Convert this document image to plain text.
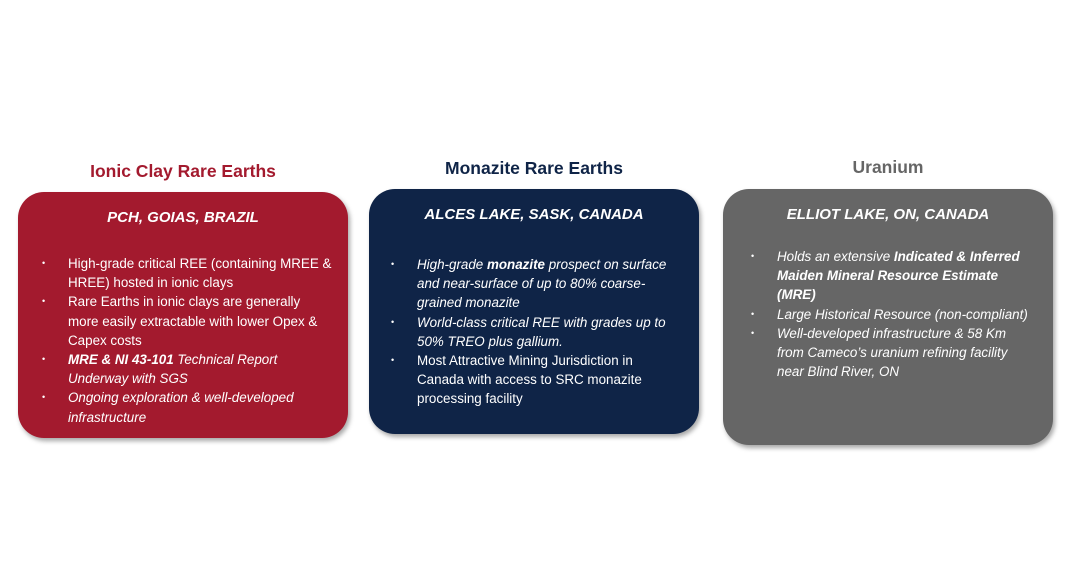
Ionic Clay Rare Earths
PCH, GOIAS, BRAZIL
• High-grade critical REE (containing MREE & HREE) hosted in ionic clays
• Rare Earths in ionic clays are generally more easily extractable with lower Opex & Capex costs
• MRE & NI 43-101 Technical Report Underway with SGS
• Ongoing exploration & well-developed infrastructure
Monazite Rare Earths
ALCES LAKE, SASK, CANADA
• High-grade monazite prospect on surface and near-surface of up to 80% coarse-grained monazite
• World-class critical REE with grades up to 50% TREO plus gallium.
• Most Attractive Mining Jurisdiction in Canada with access to SRC monazite processing facility
Uranium
ELLIOT LAKE, ON, CANADA
• Holds an extensive Indicated & Inferred Maiden Mineral Resource Estimate (MRE)
• Large Historical Resource (non-compliant)
• Well-developed infrastructure & 58 Km from Cameco’s uranium refining facility near Blind River, ON
